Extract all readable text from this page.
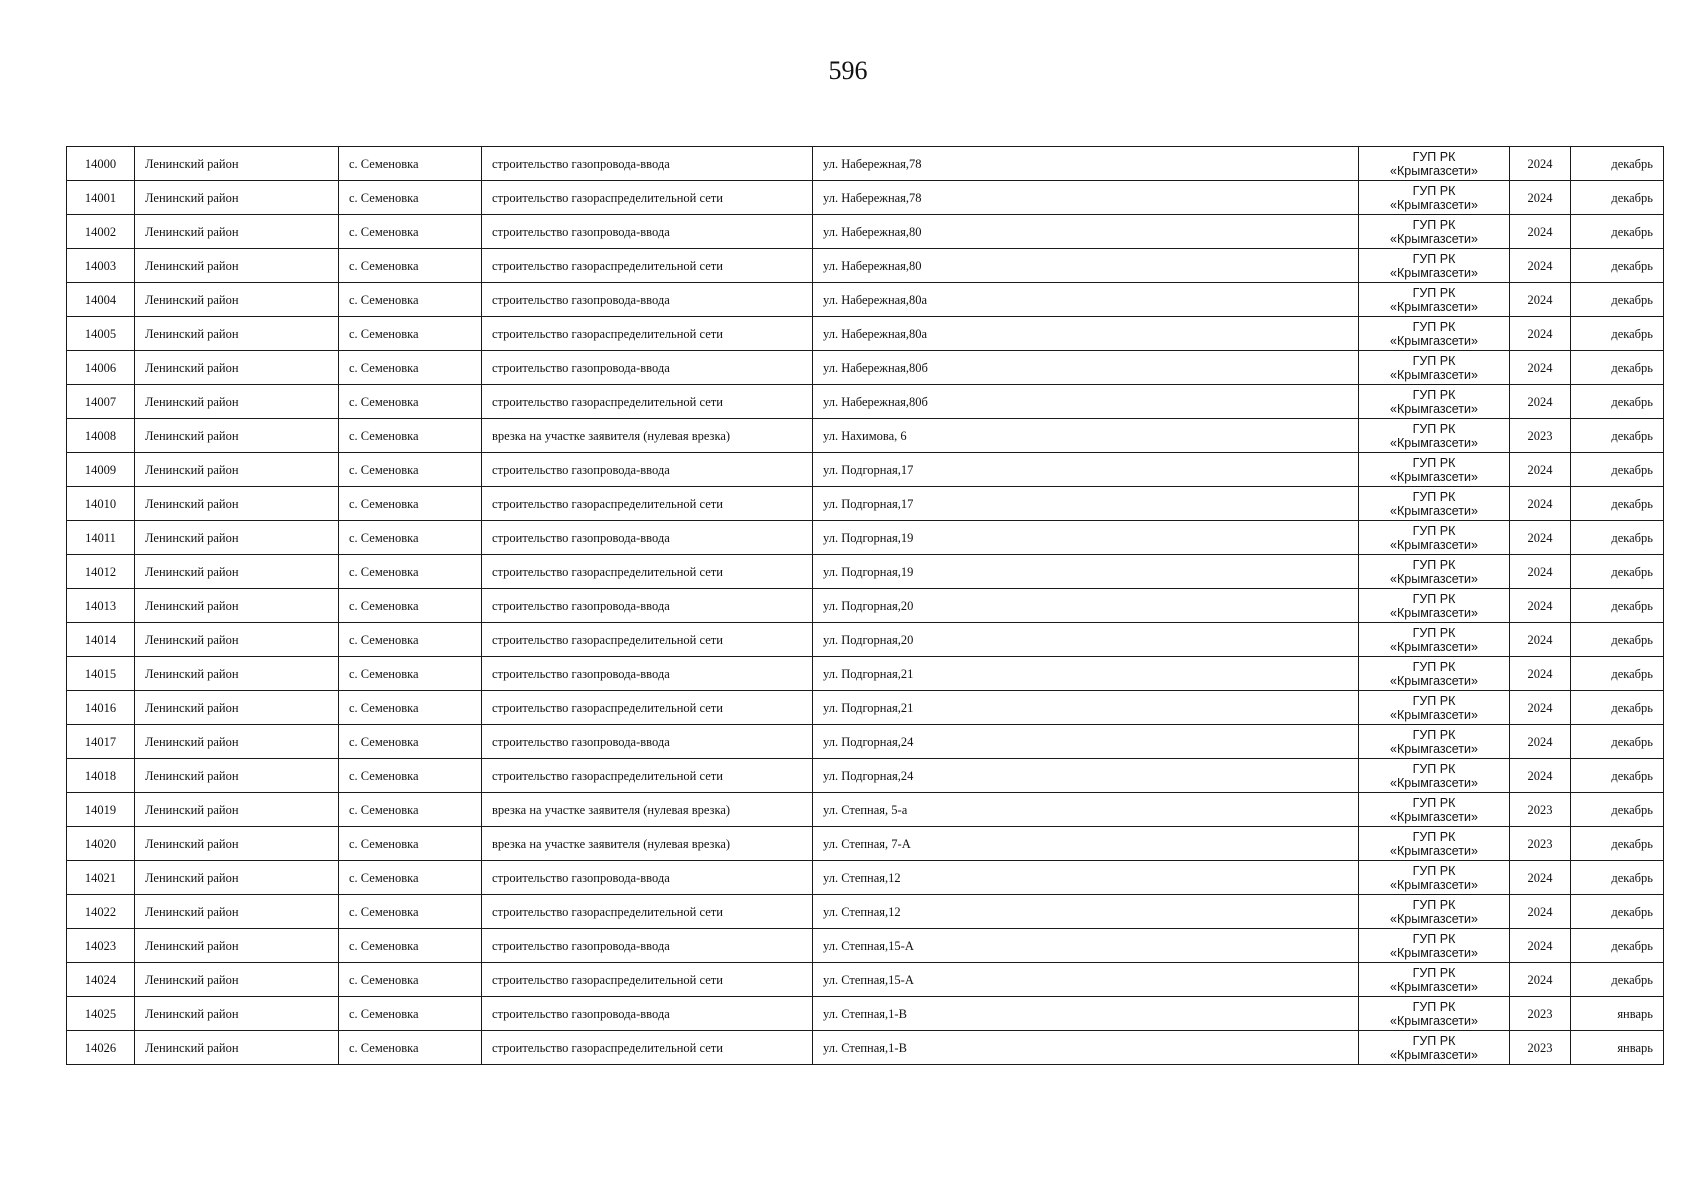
596
14000	Ленинский район	с. Семеновка	строительство газопровода-ввода	ул. Набережная,78	ГУП РК
«Крымгазсети»	2024	декабрь
14001	Ленинский район	с. Семеновка	строительство газораспределительной сети	ул. Набережная,78	ГУП РК
«Крымгазсети»	2024	декабрь
14002	Ленинский район	с. Семеновка	строительство газопровода-ввода	ул. Набережная,80	ГУП РК
«Крымгазсети»	2024	декабрь
14003	Ленинский район	с. Семеновка	строительство газораспределительной сети	ул. Набережная,80	ГУП РК
«Крымгазсети»	2024	декабрь
14004	Ленинский район	с. Семеновка	строительство газопровода-ввода	ул. Набережная,80а	ГУП РК
«Крымгазсети»	2024	декабрь
14005	Ленинский район	с. Семеновка	строительство газораспределительной сети	ул. Набережная,80а	ГУП РК
«Крымгазсети»	2024	декабрь
14006	Ленинский район	с. Семеновка	строительство газопровода-ввода	ул. Набережная,80б	ГУП РК
«Крымгазсети»	2024	декабрь
14007	Ленинский район	с. Семеновка	строительство газораспределительной сети	ул. Набережная,80б	ГУП РК
«Крымгазсети»	2024	декабрь
14008	Ленинский район	с. Семеновка	врезка на участке заявителя (нулевая врезка)	ул. Нахимова, 6	ГУП РК
«Крымгазсети»	2023	декабрь
14009	Ленинский район	с. Семеновка	строительство газопровода-ввода	ул. Подгорная,17	ГУП РК
«Крымгазсети»	2024	декабрь
14010	Ленинский район	с. Семеновка	строительство газораспределительной сети	ул. Подгорная,17	ГУП РК
«Крымгазсети»	2024	декабрь
14011	Ленинский район	с. Семеновка	строительство газопровода-ввода	ул. Подгорная,19	ГУП РК
«Крымгазсети»	2024	декабрь
14012	Ленинский район	с. Семеновка	строительство газораспределительной сети	ул. Подгорная,19	ГУП РК
«Крымгазсети»	2024	декабрь
14013	Ленинский район	с. Семеновка	строительство газопровода-ввода	ул. Подгорная,20	ГУП РК
«Крымгазсети»	2024	декабрь
14014	Ленинский район	с. Семеновка	строительство газораспределительной сети	ул. Подгорная,20	ГУП РК
«Крымгазсети»	2024	декабрь
14015	Ленинский район	с. Семеновка	строительство газопровода-ввода	ул. Подгорная,21	ГУП РК
«Крымгазсети»	2024	декабрь
14016	Ленинский район	с. Семеновка	строительство газораспределительной сети	ул. Подгорная,21	ГУП РК
«Крымгазсети»	2024	декабрь
14017	Ленинский район	с. Семеновка	строительство газопровода-ввода	ул. Подгорная,24	ГУП РК
«Крымгазсети»	2024	декабрь
14018	Ленинский район	с. Семеновка	строительство газораспределительной сети	ул. Подгорная,24	ГУП РК
«Крымгазсети»	2024	декабрь
14019	Ленинский район	с. Семеновка	врезка на участке заявителя (нулевая врезка)	ул. Степная, 5-а	ГУП РК
«Крымгазсети»	2023	декабрь
14020	Ленинский район	с. Семеновка	врезка на участке заявителя (нулевая врезка)	ул. Степная, 7-А	ГУП РК
«Крымгазсети»	2023	декабрь
14021	Ленинский район	с. Семеновка	строительство газопровода-ввода	ул. Степная,12	ГУП РК
«Крымгазсети»	2024	декабрь
14022	Ленинский район	с. Семеновка	строительство газораспределительной сети	ул. Степная,12	ГУП РК
«Крымгазсети»	2024	декабрь
14023	Ленинский район	с. Семеновка	строительство газопровода-ввода	ул. Степная,15-А	ГУП РК
«Крымгазсети»	2024	декабрь
14024	Ленинский район	с. Семеновка	строительство газораспределительной сети	ул. Степная,15-А	ГУП РК
«Крымгазсети»	2024	декабрь
14025	Ленинский район	с. Семеновка	строительство газопровода-ввода	ул. Степная,1-В	ГУП РК
«Крымгазсети»	2023	январь
14026	Ленинский район	с. Семеновка	строительство газораспределительной сети	ул. Степная,1-В	ГУП РК
«Крымгазсети»	2023	январь
